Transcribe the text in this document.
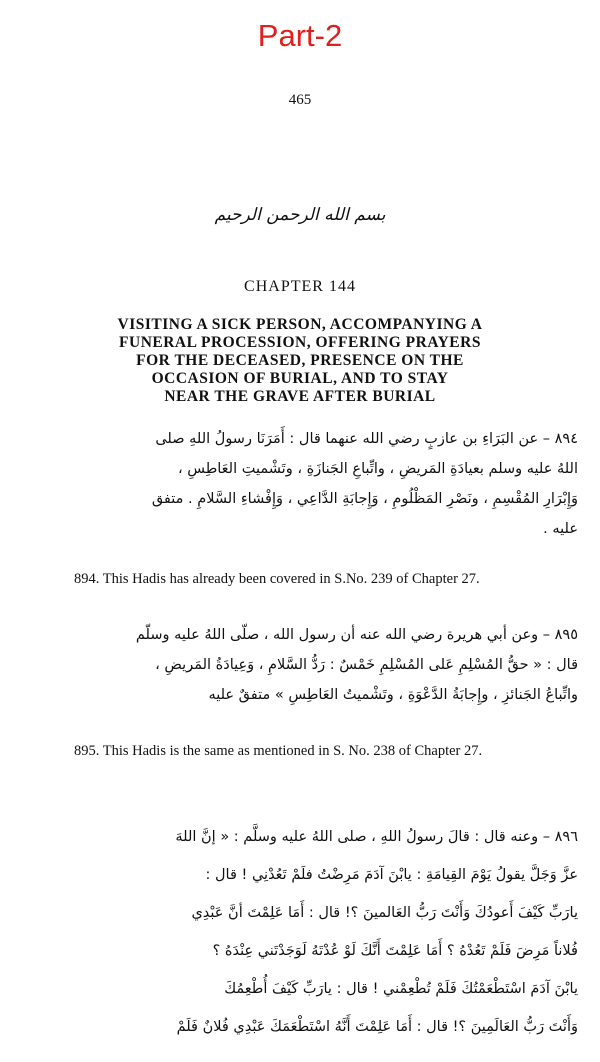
Part-2
465
بسم الله الرحمن الرحيم
CHAPTER 144
VISITING A SICK PERSON, ACCOMPANYING A
FUNERAL PROCESSION, OFFERING PRAYERS
FOR THE DECEASED, PRESENCE ON THE
OCCASION OF BURIAL, AND TO STAY
NEAR THE GRAVE AFTER BURIAL
٨٩٤ – عن البَرَاءِ بن عازبٍ رضي الله عنهما قال : أَمَرَنَا رسولُ اللهِ صلى
اللهُ عليه وسلم بعيادَةِ المَريضِ ، واتِّباعِ الجَنازَةِ ، وتَشْميتِ العَاطِسِ ،
وَإِبْرَارِ المُقْسِمِ ، ونَصْرِ المَظْلُومِ ، وَإِجابَةِ الدَّاعِي ، وَإِفْشاءِ السَّلامِ . متفق
عليه .
894. This Hadis has already been covered in S.No. 239 of Chapter 27.
٨٩٥ – وعن أبي هريرة رضي الله عنه أن رسول الله ، صلّى اللهُ عليه وسلّم
قال : « حقُّ المُسْلِمِ عَلى المُسْلِمِ خَمْسٌ : رَدُّ السَّلامِ ، وَعِيادَةُ المَريضِ ،
واتِّباعُ الجَنائزِ ، وإِجابَةُ الدَّعْوَةِ ، وتَشْميتُ العَاطِسِ » متفقٌ عليه
895. This Hadis is the same as mentioned in S. No. 238 of Chapter 27.
٨٩٦ – وعنه قال : قالَ رسولُ اللهِ ، صلى اللهُ عليه وسلَّم : « إنَّ اللهَ
عزَّ وَجَلَّ يقولُ يَوْمَ القِيامَةِ : يابْنَ آدَمَ مَرِضْتُ فلَمْ تَعُدْنِي ! قال :
يارَبِّ كَيْفَ أَعودُكَ وَأَنْتَ رَبُّ العَالمينَ ؟! قال : أَمَا عَلِمْتَ أنَّ عَبْدِي
فُلاناً مَرِضَ فَلَمْ تَعُدْهُ ؟ أَمَا عَلِمْتَ أَنَّكَ لَوْ عُدْتَهُ لَوَجَدْتَني عِنْدَهُ ؟
يابْنَ آدَمَ اسْتَطْعَمْتُكَ فَلَمْ تُطْعِمْني ! قال : يارَبِّ كَيْفَ أُطْعِمُكَ
وَأَنْتَ رَبُّ العَالَمِينَ ؟! قال : أَمَا عَلِمْتَ أَنَّهُ اسْتَطْعَمَكَ عَبْدِي فُلانٌ فَلَمْ
